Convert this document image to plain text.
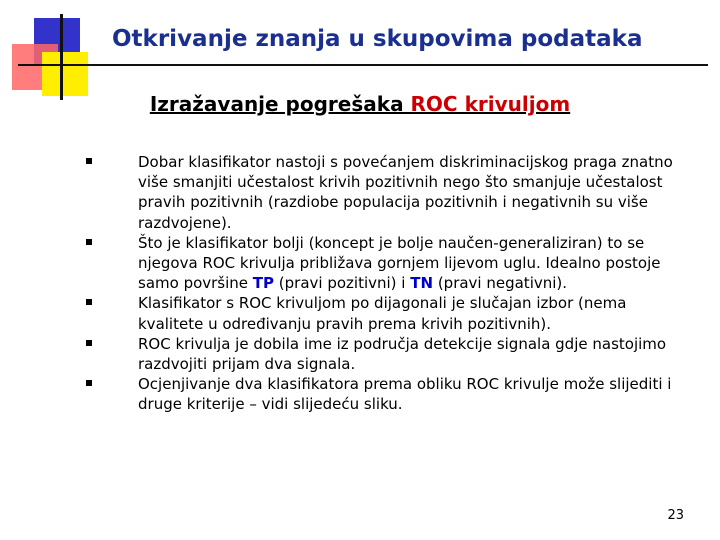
Otkrivanje znanja u skupovima podataka
Izražavanje pogrešaka ROC krivuljom
Dobar klasifikator nastoji s povećanjem diskriminacijskog praga znatno više smanjiti učestalost krivih pozitivnih nego što smanjuje učestalost pravih pozitivnih (razdiobe populacija pozitivnih i negativnih su više razdvojene).
Što je klasifikator bolji (koncept je bolje naučen-generaliziran) to se njegova ROC krivulja približava gornjem lijevom uglu. Idealno postoje samo površine TP (pravi pozitivni) i TN (pravi negativni).
Klasifikator s ROC krivuljom po dijagonali je slučajan izbor (nema kvalitete u određivanju pravih prema krivih pozitivnih).
ROC krivulja je dobila ime iz područja detekcije signala gdje nastojimo razdvojiti prijam dva signala.
Ocjenjivanje dva klasifikatora prema obliku ROC krivulje može slijediti i druge kriterije – vidi slijedeću sliku.
23
